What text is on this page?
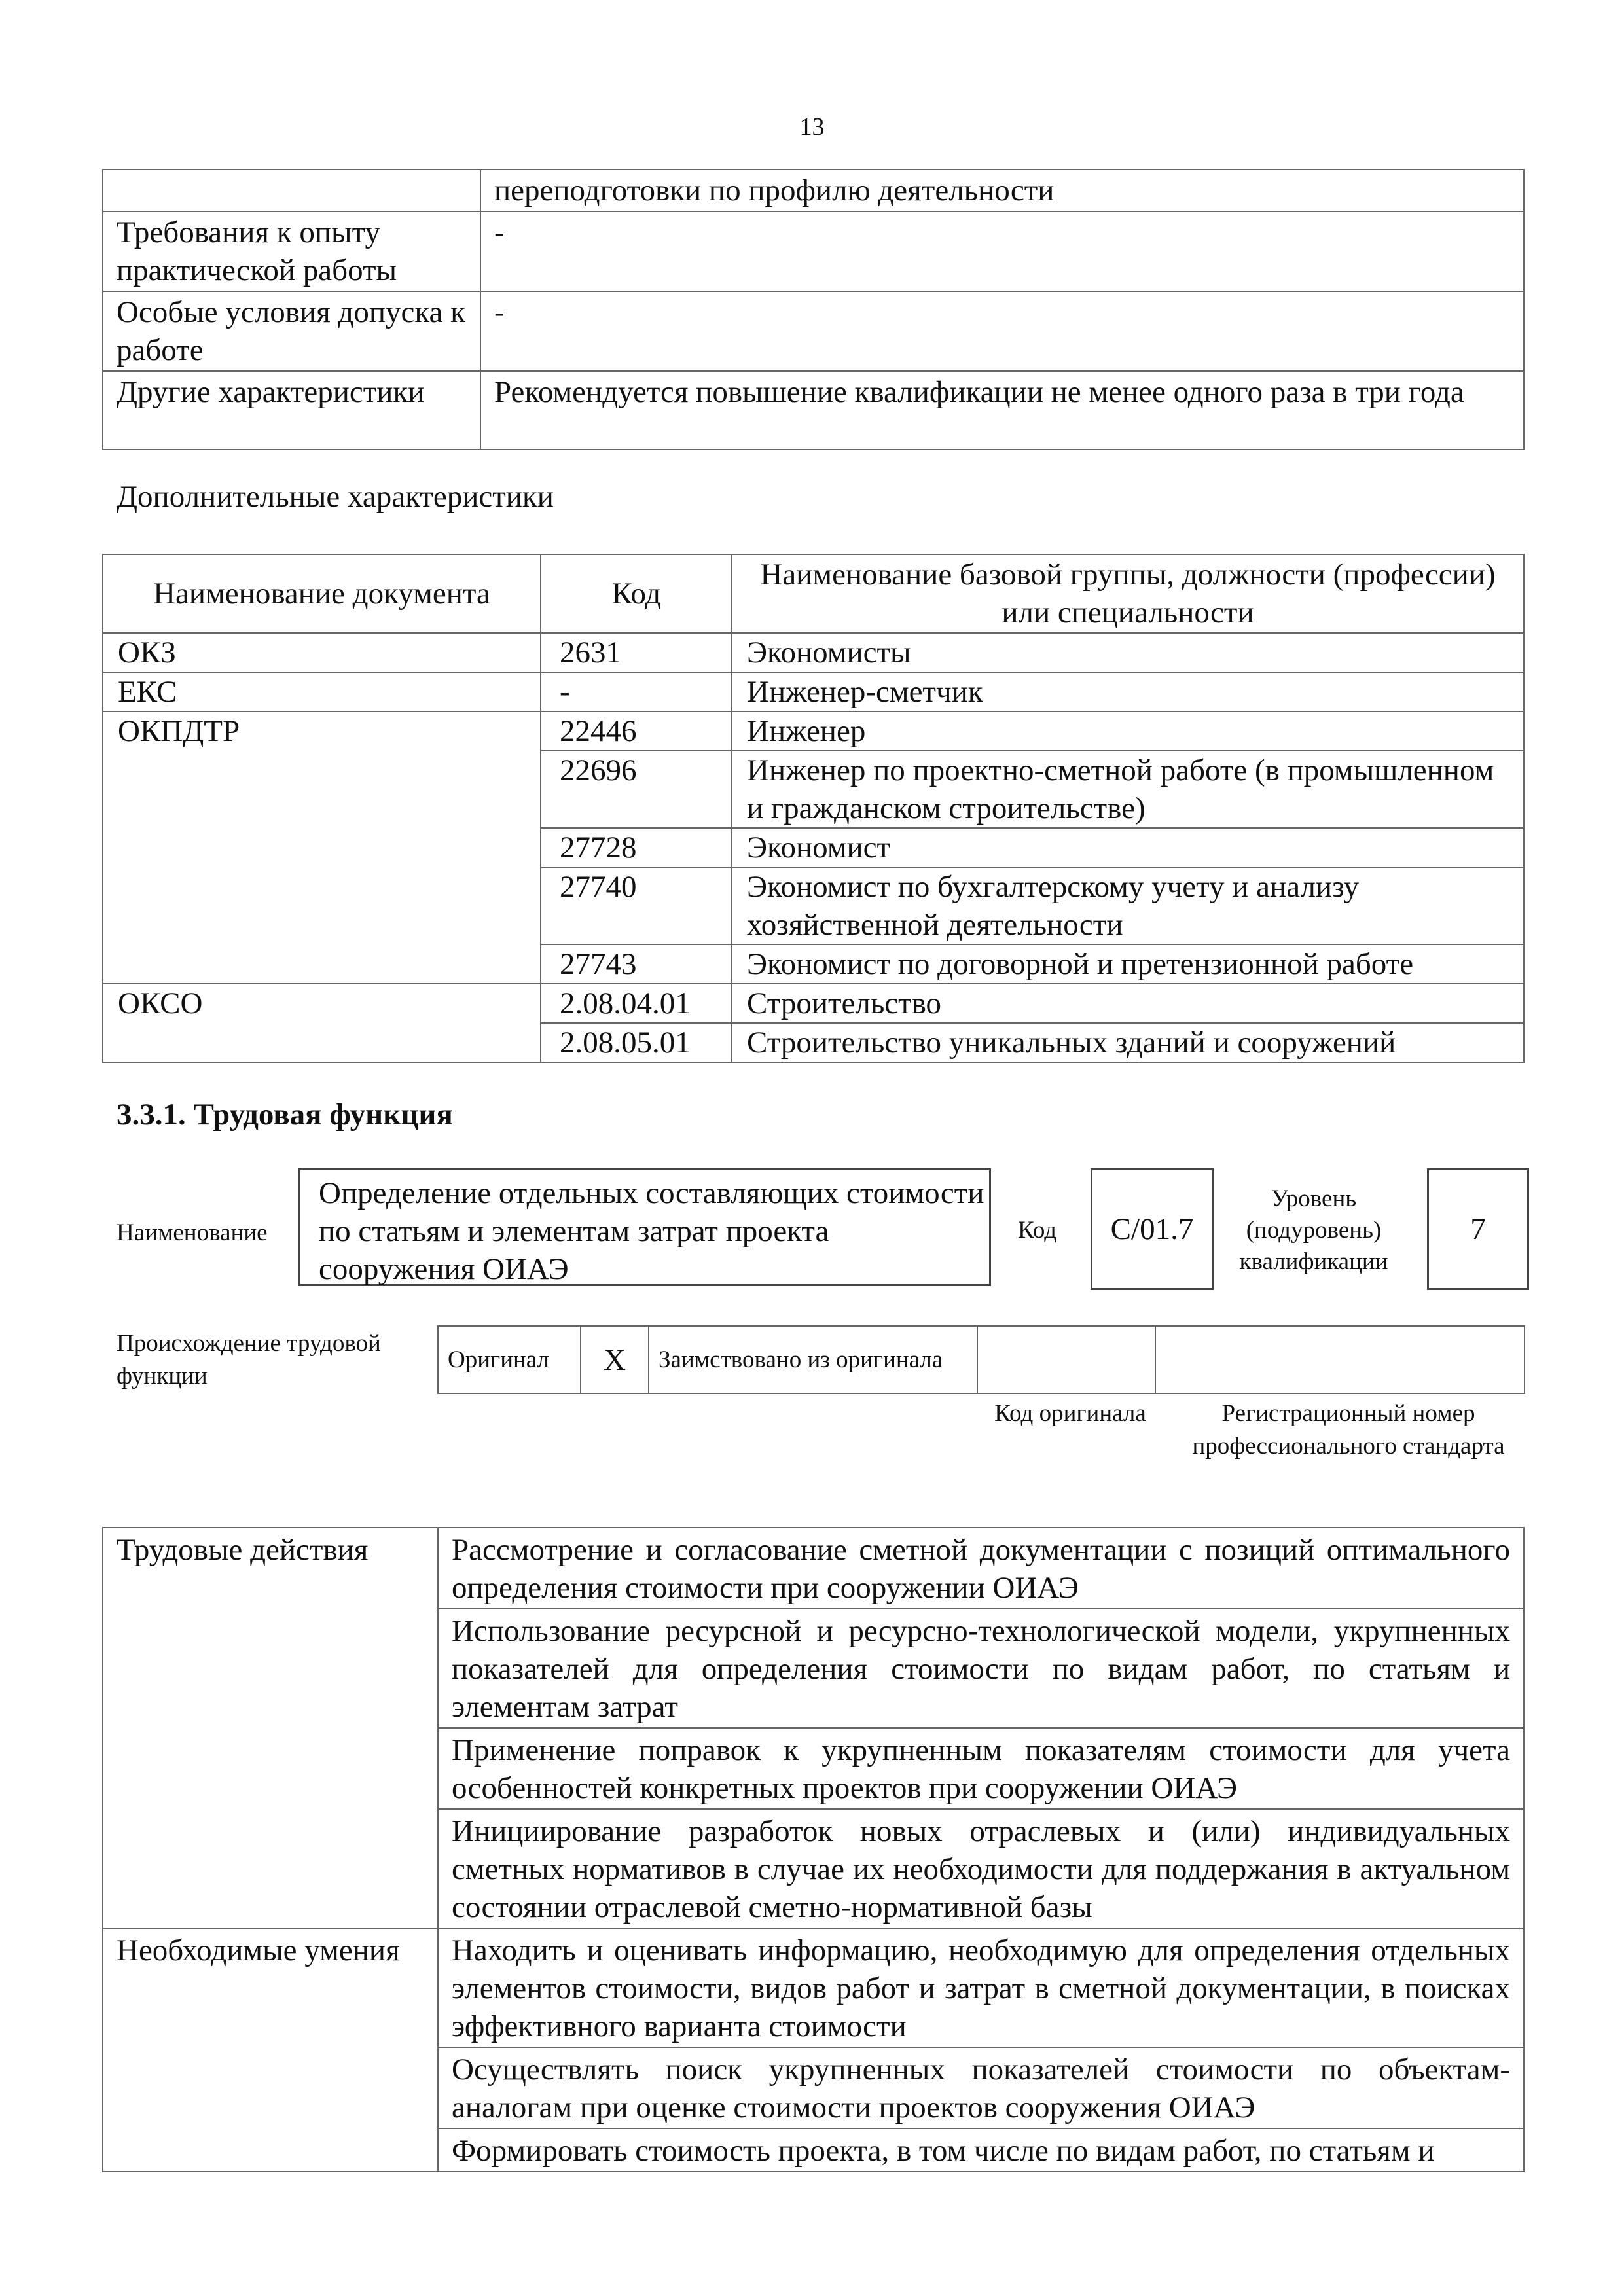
13
	переподготовки по профилю деятельности
Требования к опыту практической работы	-
Особые условия допуска к работе	-
Другие характеристики	Рекомендуется повышение квалификации не менее одного раза в три года
Дополнительные характеристики
Наименование документа	Код	Наименование базовой группы, должности (профессии) или специальности
ОКЗ	2631	Экономисты
ЕКС	-	Инженер-сметчик
ОКПДТР	22446	Инженер
	22696	Инженер по проектно-сметной работе (в промышленном и гражданском строительстве)
	27728	Экономист
	27740	Экономист по бухгалтерскому учету и анализу хозяйственной деятельности
	27743	Экономист по договорной и претензионной работе
ОКСО	2.08.04.01	Строительство
	2.08.05.01	Строительство уникальных зданий и сооружений
3.3.1. Трудовая функция
Наименование
Определение отдельных составляющих стоимости по статьям и элементам затрат проекта сооружения ОИАЭ
Код	С/01.7
Уровень (подуровень) квалификации
7
Происхождение трудовой функции
Оригинал	X	Заимствовано из оригинала		
Код оригинала	Регистрационный номер профессионального стандарта
Трудовые действия	Рассмотрение и согласование сметной документации с позиций оптимального определения стоимости при сооружении ОИАЭ
	Использование ресурсной и ресурсно-технологической модели, укрупненных показателей для определения стоимости по видам работ, по статьям и элементам затрат
	Применение поправок к укрупненным показателям стоимости для учета особенностей конкретных проектов при сооружении ОИАЭ
	Инициирование разработок новых отраслевых и (или) индивидуальных сметных нормативов в случае их необходимости для поддержания в актуальном состоянии отраслевой сметно-нормативной базы
Необходимые умения	Находить и оценивать информацию, необходимую для определения отдельных элементов стоимости, видов работ и затрат в сметной документации, в поисках эффективного варианта стоимости
	Осуществлять поиск укрупненных показателей стоимости по объектам-аналогам при оценке стоимости проектов сооружения ОИАЭ
	Формировать стоимость проекта, в том числе по видам работ, по статьям и
